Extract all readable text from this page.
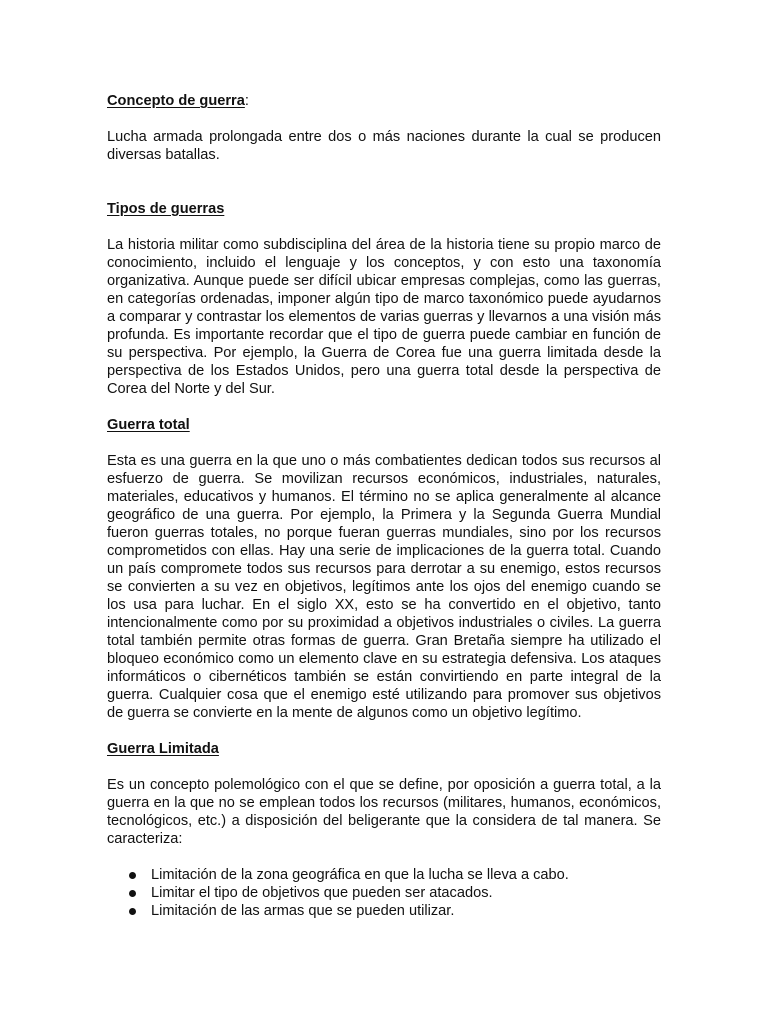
Concepto de guerra:

Lucha armada prolongada entre dos o más naciones durante la cual se producen diversas batallas.

Tipos de guerras

La historia militar como subdisciplina del área de la historia tiene su propio marco de conocimiento, incluido el lenguaje y los conceptos, y con esto una taxonomía organizativa. Aunque puede ser difícil ubicar empresas complejas, como las guerras, en categorías ordenadas, imponer algún tipo de marco taxonómico puede ayudarnos a comparar y contrastar los elementos de varias guerras y llevarnos a una visión más profunda. Es importante recordar que el tipo de guerra puede cambiar en función de su perspectiva. Por ejemplo, la Guerra de Corea fue una guerra limitada desde la perspectiva de los Estados Unidos, pero una guerra total desde la perspectiva de Corea del Norte y del Sur.

Guerra total

Esta es una guerra en la que uno o más combatientes dedican todos sus recursos al esfuerzo de guerra. Se movilizan recursos económicos, industriales, naturales, materiales, educativos y humanos. El término no se aplica generalmente al alcance geográfico de una guerra. Por ejemplo, la Primera y la Segunda Guerra Mundial fueron guerras totales, no porque fueran guerras mundiales, sino por los recursos comprometidos con ellas. Hay una serie de implicaciones de la guerra total. Cuando un país compromete todos sus recursos para derrotar a su enemigo, estos recursos se convierten a su vez en objetivos, legítimos ante los ojos del enemigo cuando se los usa para luchar. En el siglo XX, esto se ha convertido en el objetivo, tanto intencionalmente como por su proximidad a objetivos industriales o civiles. La guerra total también permite otras formas de guerra. Gran Bretaña siempre ha utilizado el bloqueo económico como un elemento clave en su estrategia defensiva. Los ataques informáticos o cibernéticos también se están convirtiendo en parte integral de la guerra. Cualquier cosa que el enemigo esté utilizando para promover sus objetivos de guerra se convierte en la mente de algunos como un objetivo legítimo.

Guerra Limitada

Es un concepto polemológico con el que se define, por oposición a guerra total, a la guerra en la que no se emplean todos los recursos (militares, humanos, económicos, tecnológicos, etc.) a disposición del beligerante que la considera de tal manera. Se caracteriza:

Limitación de la zona geográfica en que la lucha se lleva a cabo.
Limitar el tipo de objetivos que pueden ser atacados.
Limitación de las armas que se pueden utilizar.
